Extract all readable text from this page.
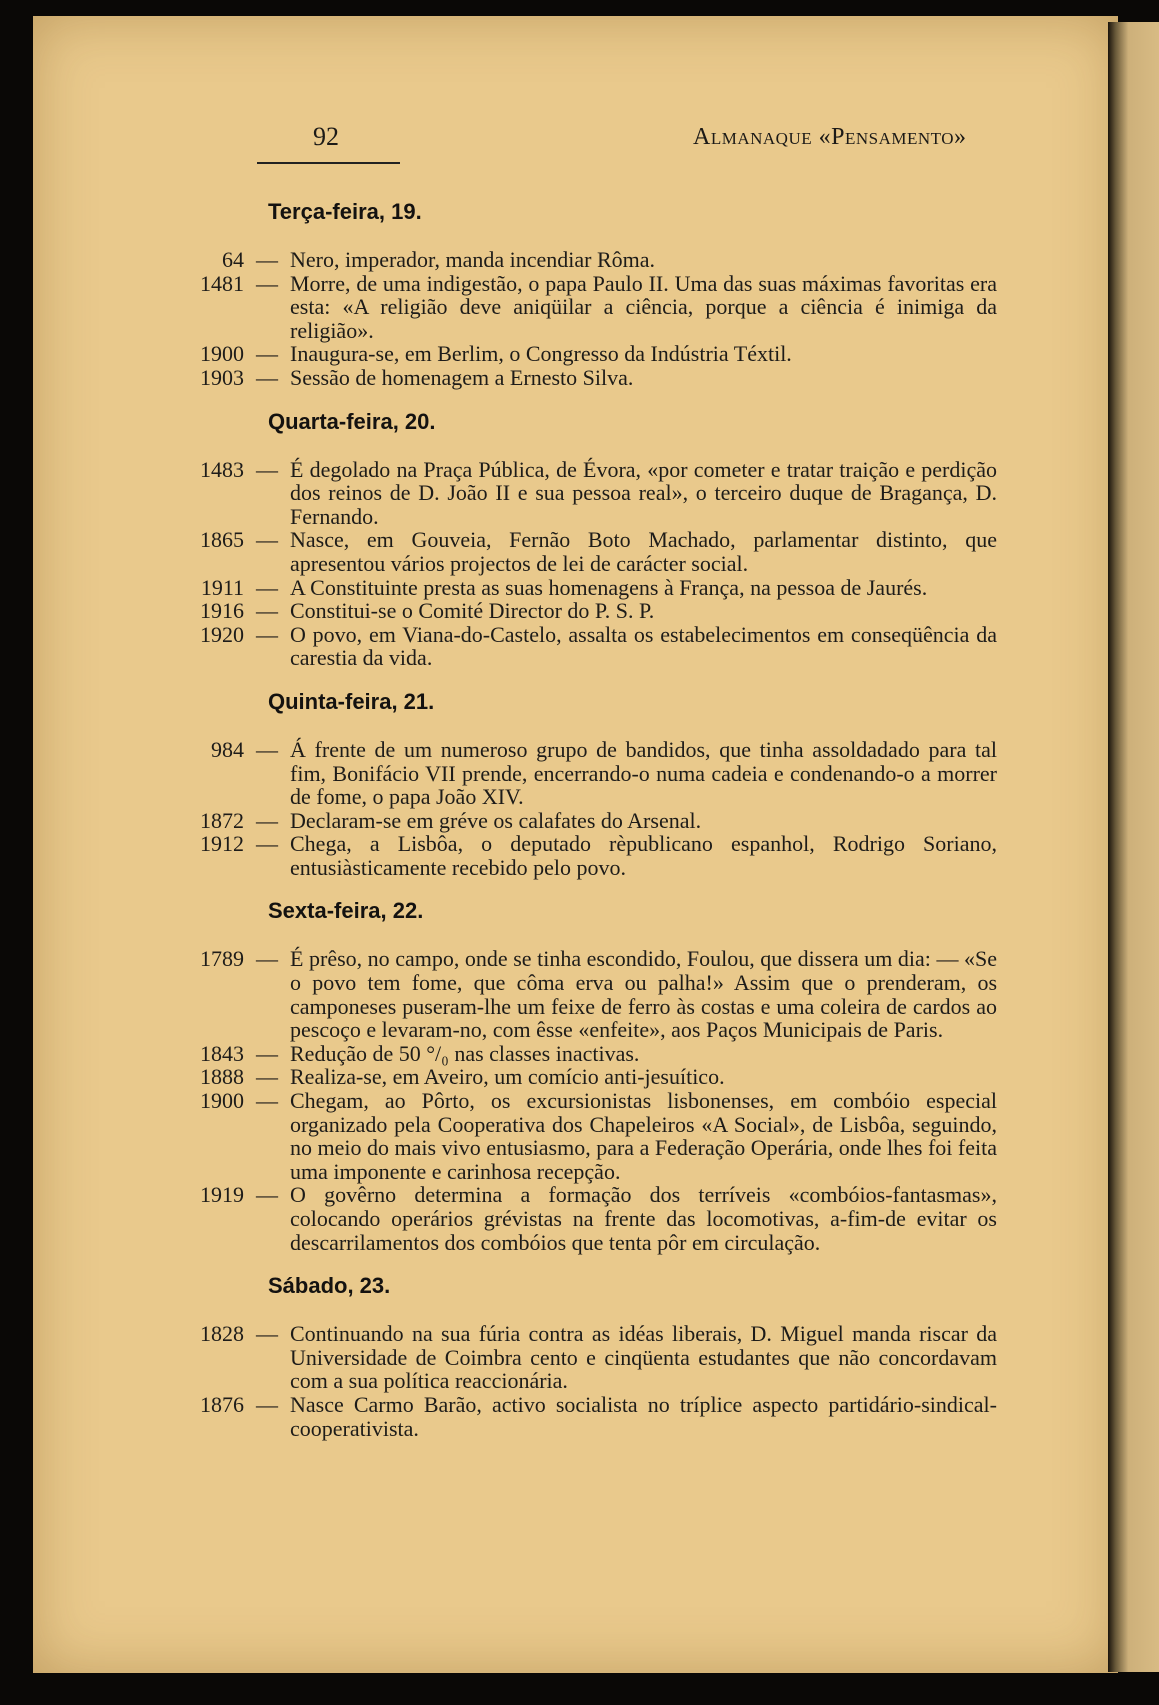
92	Almanaque «Pensamento»
Terça-feira, 19.
64 — Nero, imperador, manda incendiar Rôma.
1481 — Morre, de uma indigestão, o papa Paulo II. Uma das suas máximas favoritas era esta: «A religião deve aniqüilar a ciência, porque a ciência é inimiga da religião».
1900 — Inaugura-se, em Berlim, o Congresso da Indústria Téxtil.
1903 — Sessão de homenagem a Ernesto Silva.
Quarta-feira, 20.
1483 — É degolado na Praça Pública, de Évora, «por cometer e tratar traição e perdição dos reinos de D. João II e sua pessoa real», o terceiro duque de Bragança, D. Fernando.
1865 — Nasce, em Gouveia, Fernão Boto Machado, parlamentar distinto, que apresentou vários projectos de lei de carácter social.
1911 — A Constituinte presta as suas homenagens à França, na pessoa de Jaurés.
1916 — Constitui-se o Comité Director do P. S. P.
1920 — O povo, em Viana-do-Castelo, assalta os estabelecimentos em conseqüência da carestia da vida.
Quinta-feira, 21.
984 — Á frente de um numeroso grupo de bandidos, que tinha assoldadado para tal fim, Bonifácio VII prende, encerrando-o numa cadeia e condenando-o a morrer de fome, o papa João XIV.
1872 — Declaram-se em gréve os calafates do Arsenal.
1912 — Chega, a Lisbôa, o deputado rèpublicano espanhol, Rodrigo Soriano, entusiàsticamente recebido pelo povo.
Sexta-feira, 22.
1789 — É prêso, no campo, onde se tinha escondido, Foulou, que dissera um dia: — «Se o povo tem fome, que côma erva ou palha!» Assim que o prenderam, os camponeses puseram-lhe um feixe de ferro às costas e uma coleira de cardos ao pescoço e levaram-no, com êsse «enfeite», aos Paços Municipais de Paris.
1843 — Redução de 50 °/₀ nas classes inactivas.
1888 — Realiza-se, em Aveiro, um comício anti-jesuítico.
1900 — Chegam, ao Pôrto, os excursionistas lisbonenses, em combóio especial organizado pela Cooperativa dos Chapeleiros «A Social», de Lisbôa, seguindo, no meio do mais vivo entusiasmo, para a Federação Operária, onde lhes foi feita uma imponente e carinhosa recepção.
1919 — O govêrno determina a formação dos terríveis «combóios-fantasmas», colocando operários grévistas na frente das locomotivas, a-fim-de evitar os descarrilamentos dos combóios que tenta pôr em circulação.
Sábado, 23.
1828 — Continuando na sua fúria contra as idéas liberais, D. Miguel manda riscar da Universidade de Coimbra cento e cinqüenta estudantes que não concordavam com a sua política reaccionária.
1876 — Nasce Carmo Barão, activo socialista no tríplice aspecto partidário-sindical-cooperativista.
